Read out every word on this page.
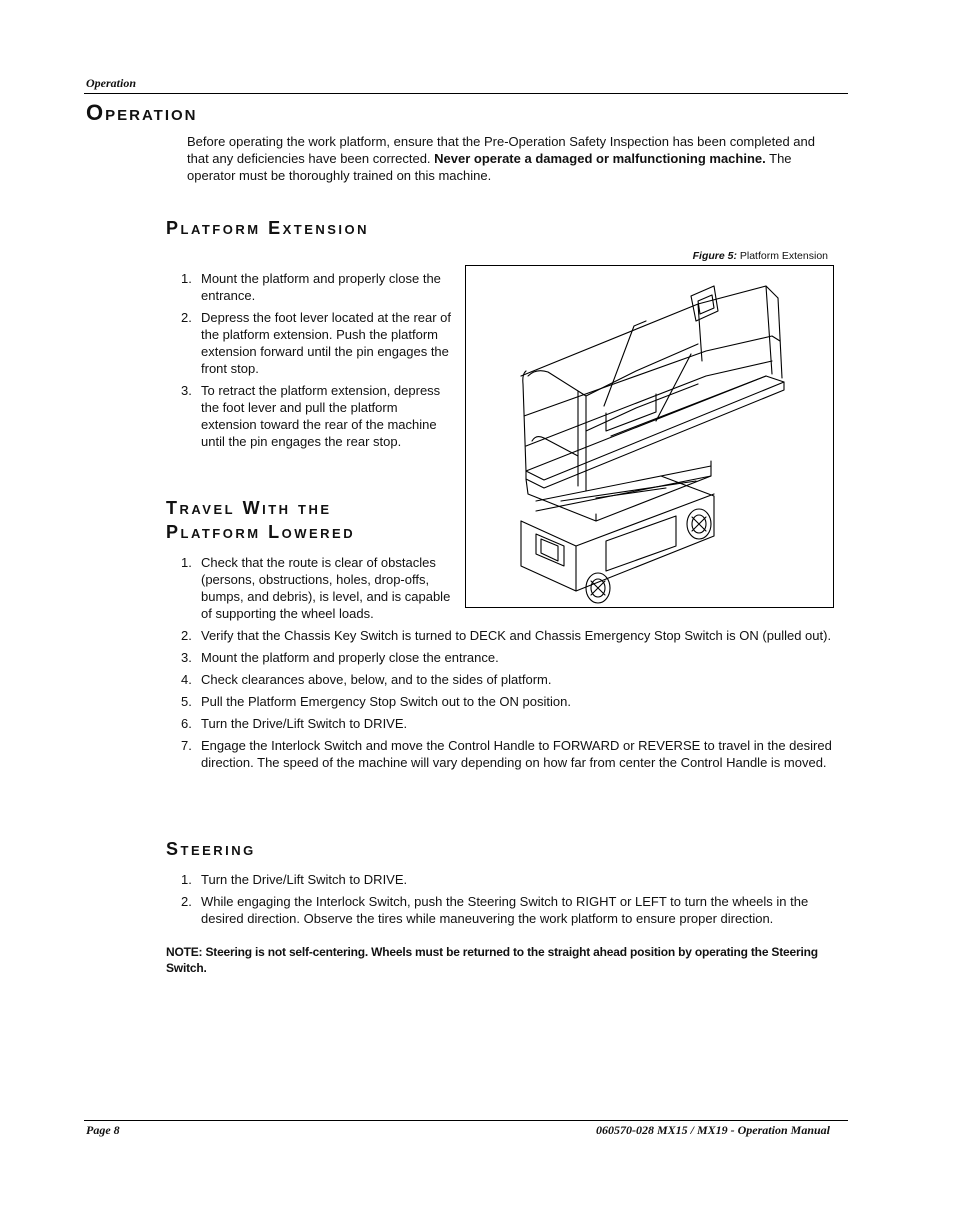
Operation
Operation
Before operating the work platform, ensure that the Pre-Operation Safety Inspection has been completed and that any deficiencies have been corrected. Never operate a damaged or malfunctioning machine. The operator must be thoroughly trained on this machine.
Platform Extension
1. Mount the platform and properly close the entrance.
2. Depress the foot lever located at the rear of the platform extension. Push the platform extension forward until the pin engages the front stop.
3. To retract the platform extension, depress the foot lever and pull the platform extension toward the rear of the machine until the pin engages the rear stop.
Figure 5: Platform Extension
Travel With the
Platform Lowered
1. Check that the route is clear of obstacles (persons, obstructions, holes, drop-offs, bumps, and debris), is level, and is capable of supporting the wheel loads.
2. Verify that the Chassis Key Switch is turned to DECK and Chassis Emergency Stop Switch is ON (pulled out).
3. Mount the platform and properly close the entrance.
4. Check clearances above, below, and to the sides of platform.
5. Pull the Platform Emergency Stop Switch out to the ON position.
6. Turn the Drive/Lift Switch to DRIVE.
7. Engage the Interlock Switch and move the Control Handle to FORWARD or REVERSE to travel in the desired direction. The speed of the machine will vary depending on how far from center the Control Handle is moved.
Steering
1. Turn the Drive/Lift Switch to DRIVE.
2. While engaging the Interlock Switch, push the Steering Switch to RIGHT or LEFT to turn the wheels in the desired direction. Observe the tires while maneuvering the work platform to ensure proper direction.
NOTE: Steering is not self-centering. Wheels must be returned to the straight ahead position by operating the Steering Switch.
Page 8	060570-028 MX15 / MX19 - Operation Manual
